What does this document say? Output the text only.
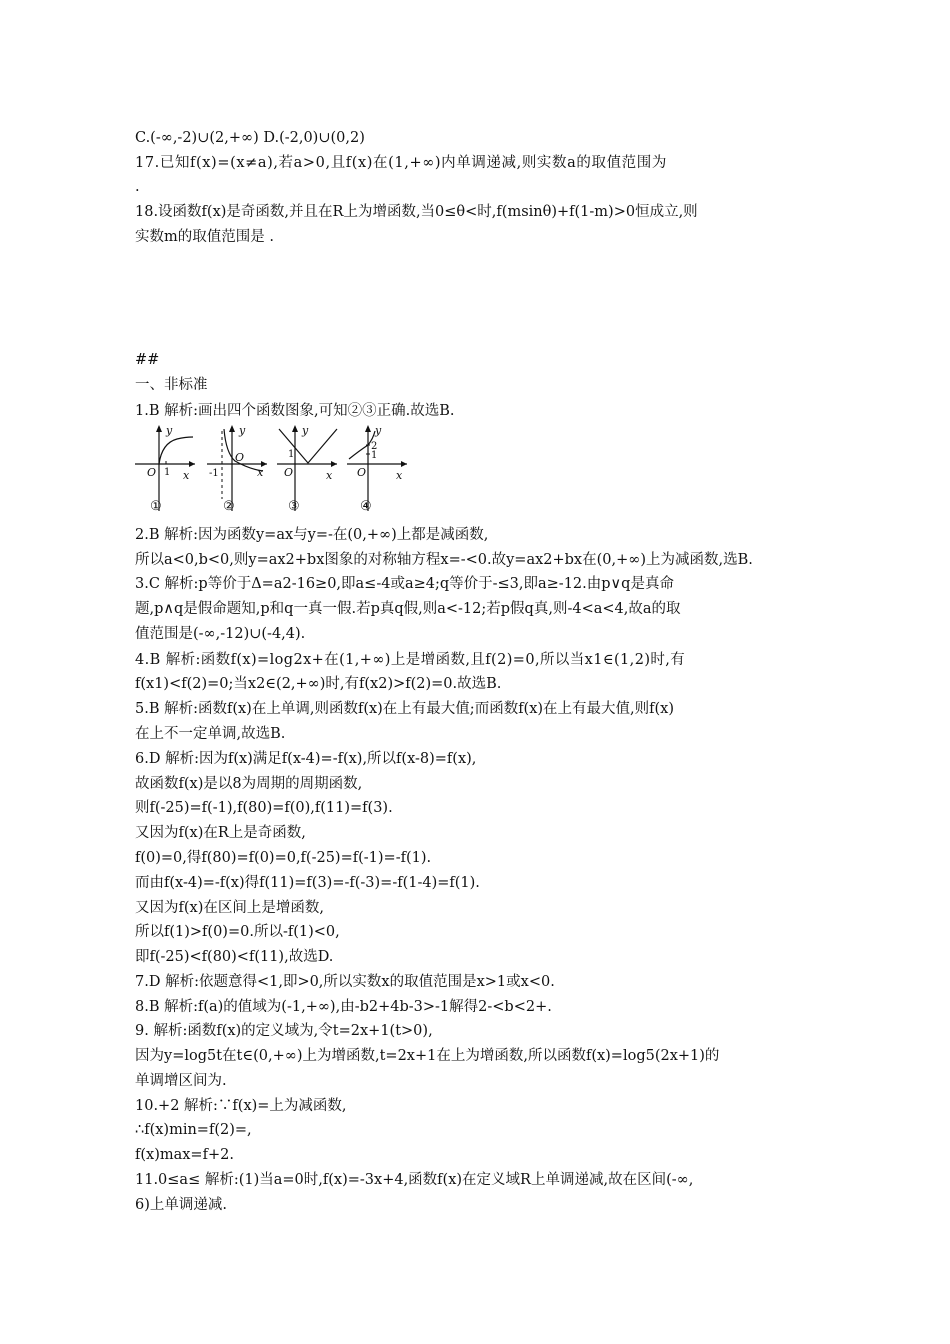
C.(-∞,-2)∪(2,+∞) D.(-2,0)∪(0,2)
17.已知f(x)=(x≠a),若a>0,且f(x)在(1,+∞)内单调递减,则实数a的取值范围为
.
18.设函数f(x)是奇函数,并且在R上为增函数,当0≤θ<时,f(msinθ)+f(1-m)>0恒成立,则
实数m的取值范围是 .
##
一、非标准
1.B 解析:画出四个函数图象,可知②③正确.故选B.
y
x
O 1
①
y
x
O
-1
②
y
x
O
1
③
y
x
O
2
1
④
2.B 解析:因为函数y=ax与y=-在(0,+∞)上都是减函数,
所以a<0,b<0,则y=ax2+bx图象的对称轴方程x=-<0.故y=ax2+bx在(0,+∞)上为减函数,选B.
3.C 解析:p等价于Δ=a2-16≥0,即a≤-4或a≥4;q等价于-≤3,即a≥-12.由p∨q是真命
题,p∧q是假命题知,p和q一真一假.若p真q假,则a<-12;若p假q真,则-4<a<4,故a的取
值范围是(-∞,-12)∪(-4,4).
4.B 解析:函数f(x)=log2x+在(1,+∞)上是增函数,且f(2)=0,所以当x1∈(1,2)时,有
f(x1)<f(2)=0;当x2∈(2,+∞)时,有f(x2)>f(2)=0.故选B.
5.B 解析:函数f(x)在上单调,则函数f(x)在上有最大值;而函数f(x)在上有最大值,则f(x)
在上不一定单调,故选B.
6.D 解析:因为f(x)满足f(x-4)=-f(x),所以f(x-8)=f(x),
故函数f(x)是以8为周期的周期函数,
则f(-25)=f(-1),f(80)=f(0),f(11)=f(3).
又因为f(x)在R上是奇函数,
f(0)=0,得f(80)=f(0)=0,f(-25)=f(-1)=-f(1).
而由f(x-4)=-f(x)得f(11)=f(3)=-f(-3)=-f(1-4)=f(1).
又因为f(x)在区间上是增函数,
所以f(1)>f(0)=0.所以-f(1)<0,
即f(-25)<f(80)<f(11),故选D.
7.D 解析:依题意得<1,即>0,所以实数x的取值范围是x>1或x<0.
8.B 解析:f(a)的值域为(-1,+∞),由-b2+4b-3>-1解得2-<b<2+.
9. 解析:函数f(x)的定义域为,令t=2x+1(t>0),
因为y=log5t在t∈(0,+∞)上为增函数,t=2x+1在上为增函数,所以函数f(x)=log5(2x+1)的
单调增区间为.
10.+2 解析:∵f(x)=上为减函数,
∴f(x)min=f(2)=,
f(x)max=f+2.
11.0≤a≤ 解析:(1)当a=0时,f(x)=-3x+4,函数f(x)在定义域R上单调递减,故在区间(-∞,
6)上单调递减.
